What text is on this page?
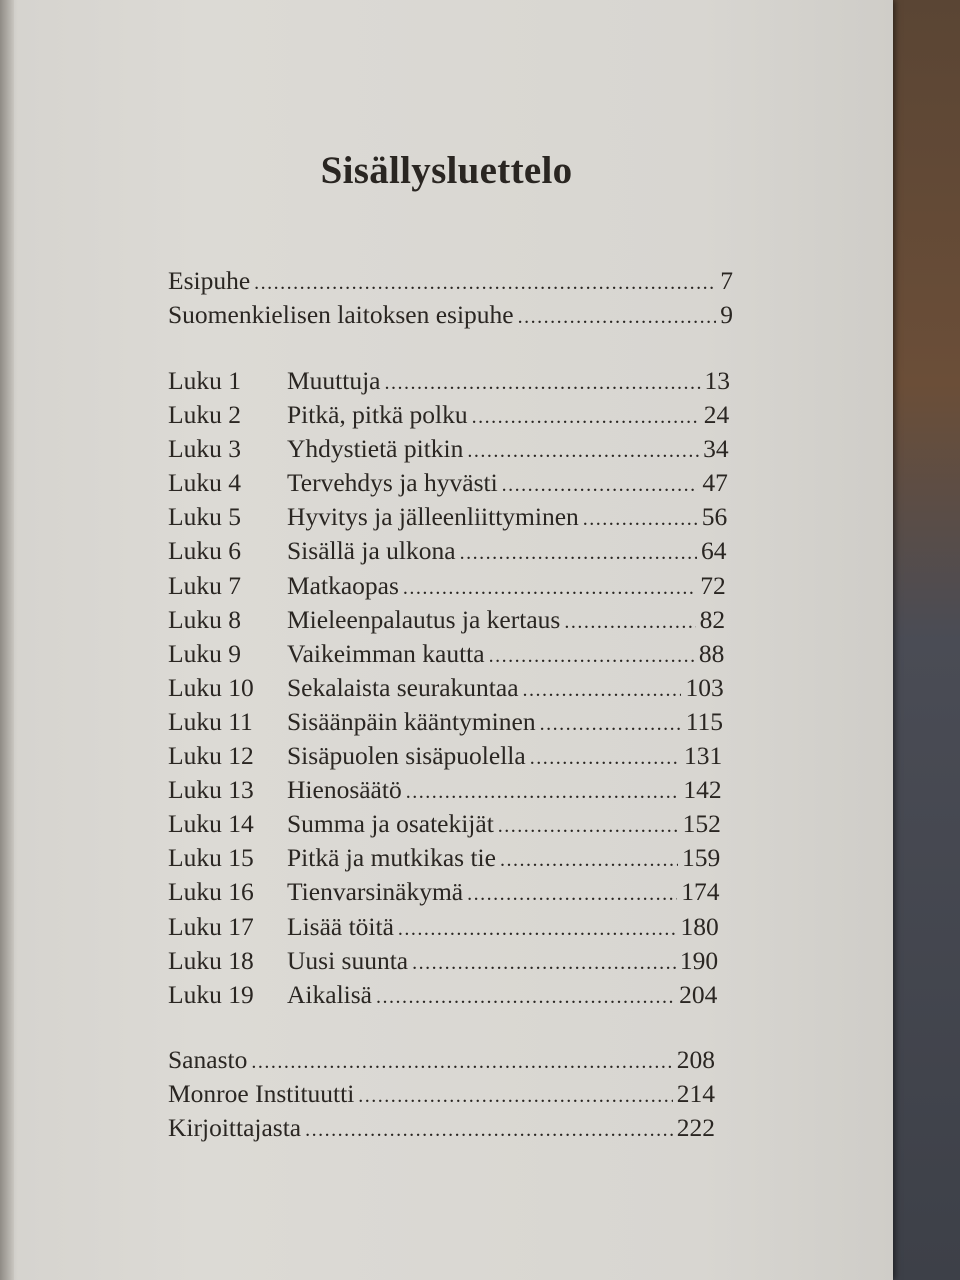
Sisällysluettelo
Esipuhe .....	7
Suomenkielisen laitoksen esipuhe .....	9
Luku 1	Muuttuja .....	13
Luku 2	Pitkä, pitkä polku .....	24
Luku 3	Yhdystietä pitkin .....	34
Luku 4	Tervehdys ja hyvästi .....	47
Luku 5	Hyvitys ja jälleenliittyminen .....	56
Luku 6	Sisällä ja ulkona .....	64
Luku 7	Matkaopas .....	72
Luku 8	Mieleenpalautus ja kertaus .....	82
Luku 9	Vaikeimman kautta .....	88
Luku 10	Sekalaista seurakuntaa .....	103
Luku 11	Sisäänpäin kääntyminen .....	115
Luku 12	Sisäpuolen sisäpuolella .....	131
Luku 13	Hienosäätö .....	142
Luku 14	Summa ja osatekijät .....	152
Luku 15	Pitkä ja mutkikas tie .....	159
Luku 16	Tienvarsinäkymä .....	174
Luku 17	Lisää töitä .....	180
Luku 18	Uusi suunta .....	190
Luku 19	Aikalisä .....	204
Sanasto .....	208
Monroe Instituutti .....	214
Kirjoittajasta .....	222
